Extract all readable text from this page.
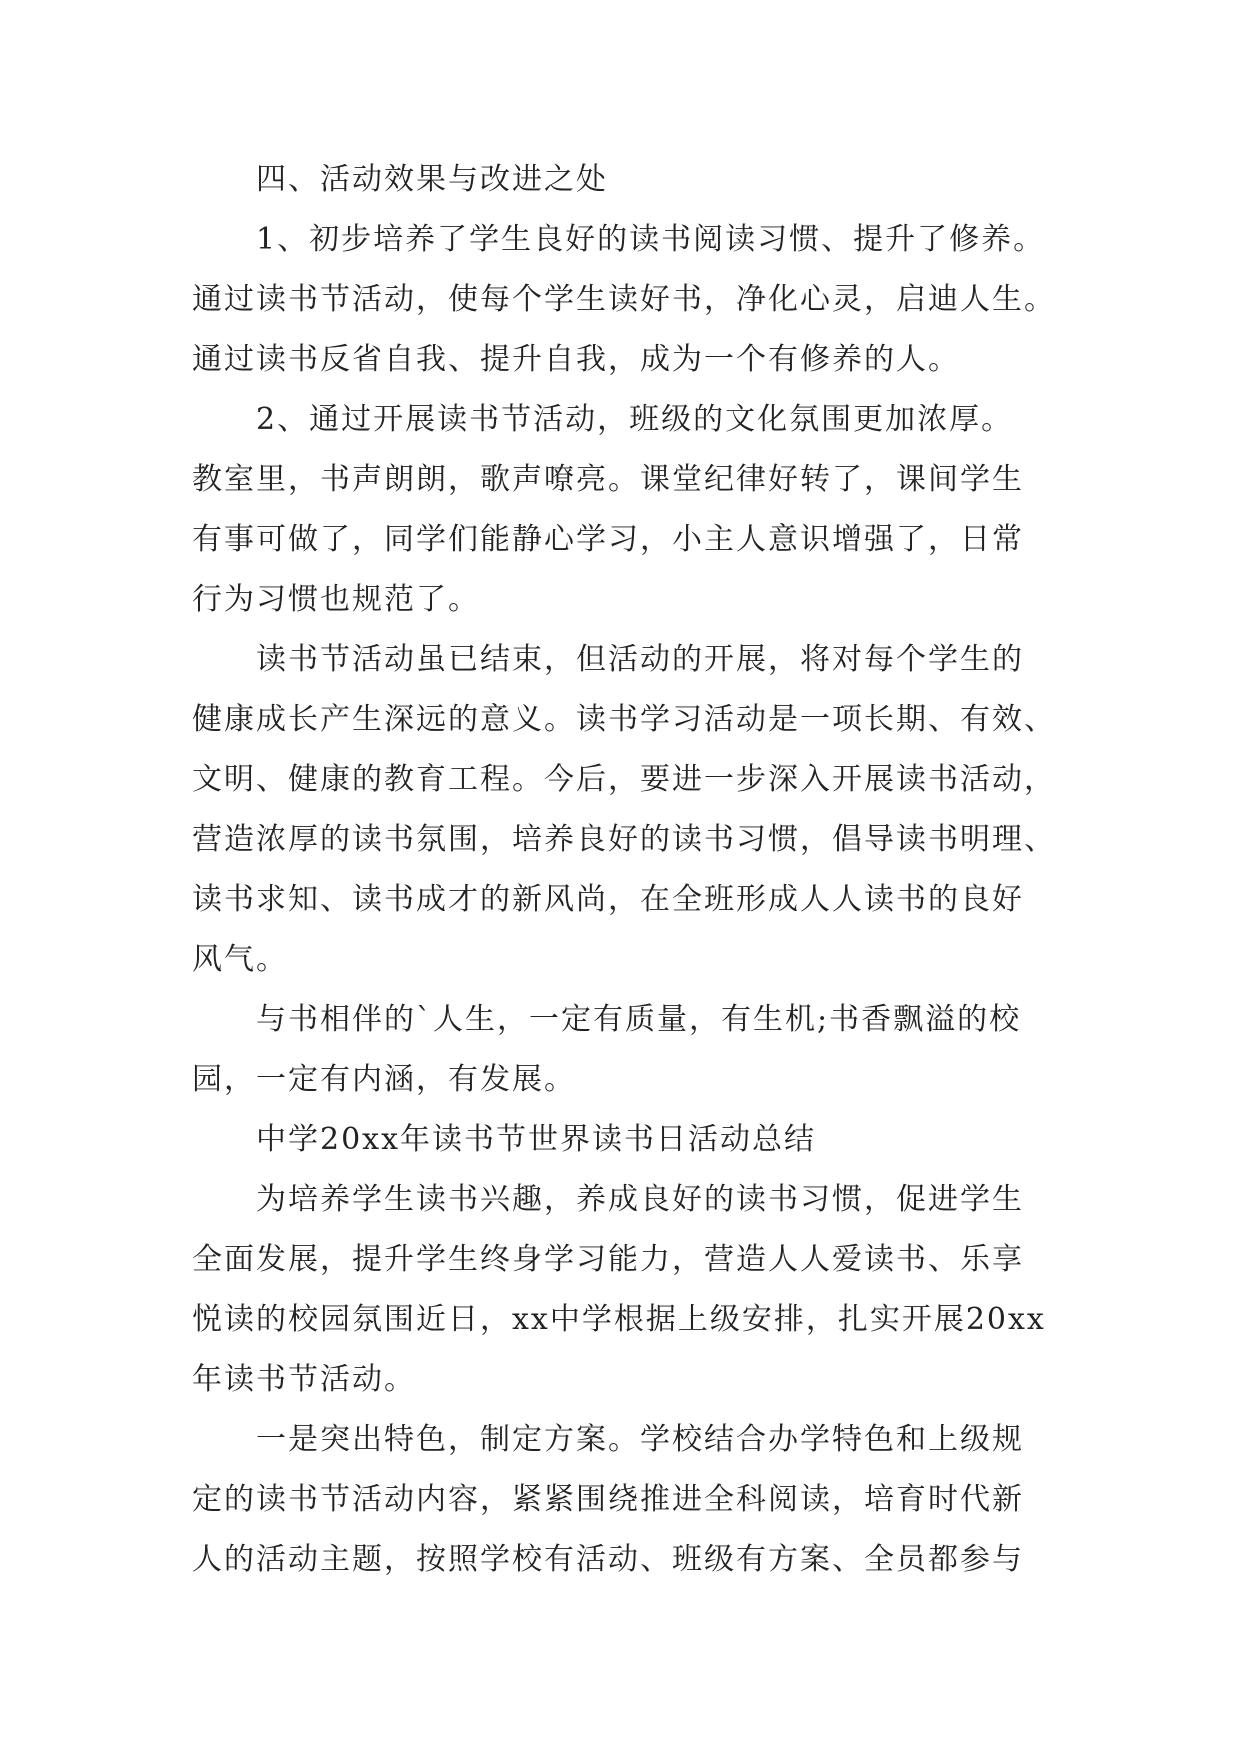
四、活动效果与改进之处
1、初步培养了学生良好的读书阅读习惯、提升了修养。
通过读书节活动，使每个学生读好书，净化心灵，启迪人生。
通过读书反省自我、提升自我，成为一个有修养的人。
2、通过开展读书节活动，班级的文化氛围更加浓厚。
教室里，书声朗朗，歌声嘹亮。课堂纪律好转了，课间学生
有事可做了，同学们能静心学习，小主人意识增强了，日常
行为习惯也规范了。
读书节活动虽已结束，但活动的开展，将对每个学生的
健康成长产生深远的意义。读书学习活动是一项长期、有效、
文明、健康的教育工程。今后，要进一步深入开展读书活动，
营造浓厚的读书氛围，培养良好的读书习惯，倡导读书明理、
读书求知、读书成才的新风尚，在全班形成人人读书的良好
风气。
与书相伴的`人生，一定有质量，有生机;书香飘溢的校
园，一定有内涵，有发展。
中学20xx年读书节世界读书日活动总结
为培养学生读书兴趣，养成良好的读书习惯，促进学生
全面发展，提升学生终身学习能力，营造人人爱读书、乐享
悦读的校园氛围近日，xx中学根据上级安排，扎实开展20xx
年读书节活动。
一是突出特色，制定方案。学校结合办学特色和上级规
定的读书节活动内容，紧紧围绕推进全科阅读，培育时代新
人的活动主题，按照学校有活动、班级有方案、全员都参与
